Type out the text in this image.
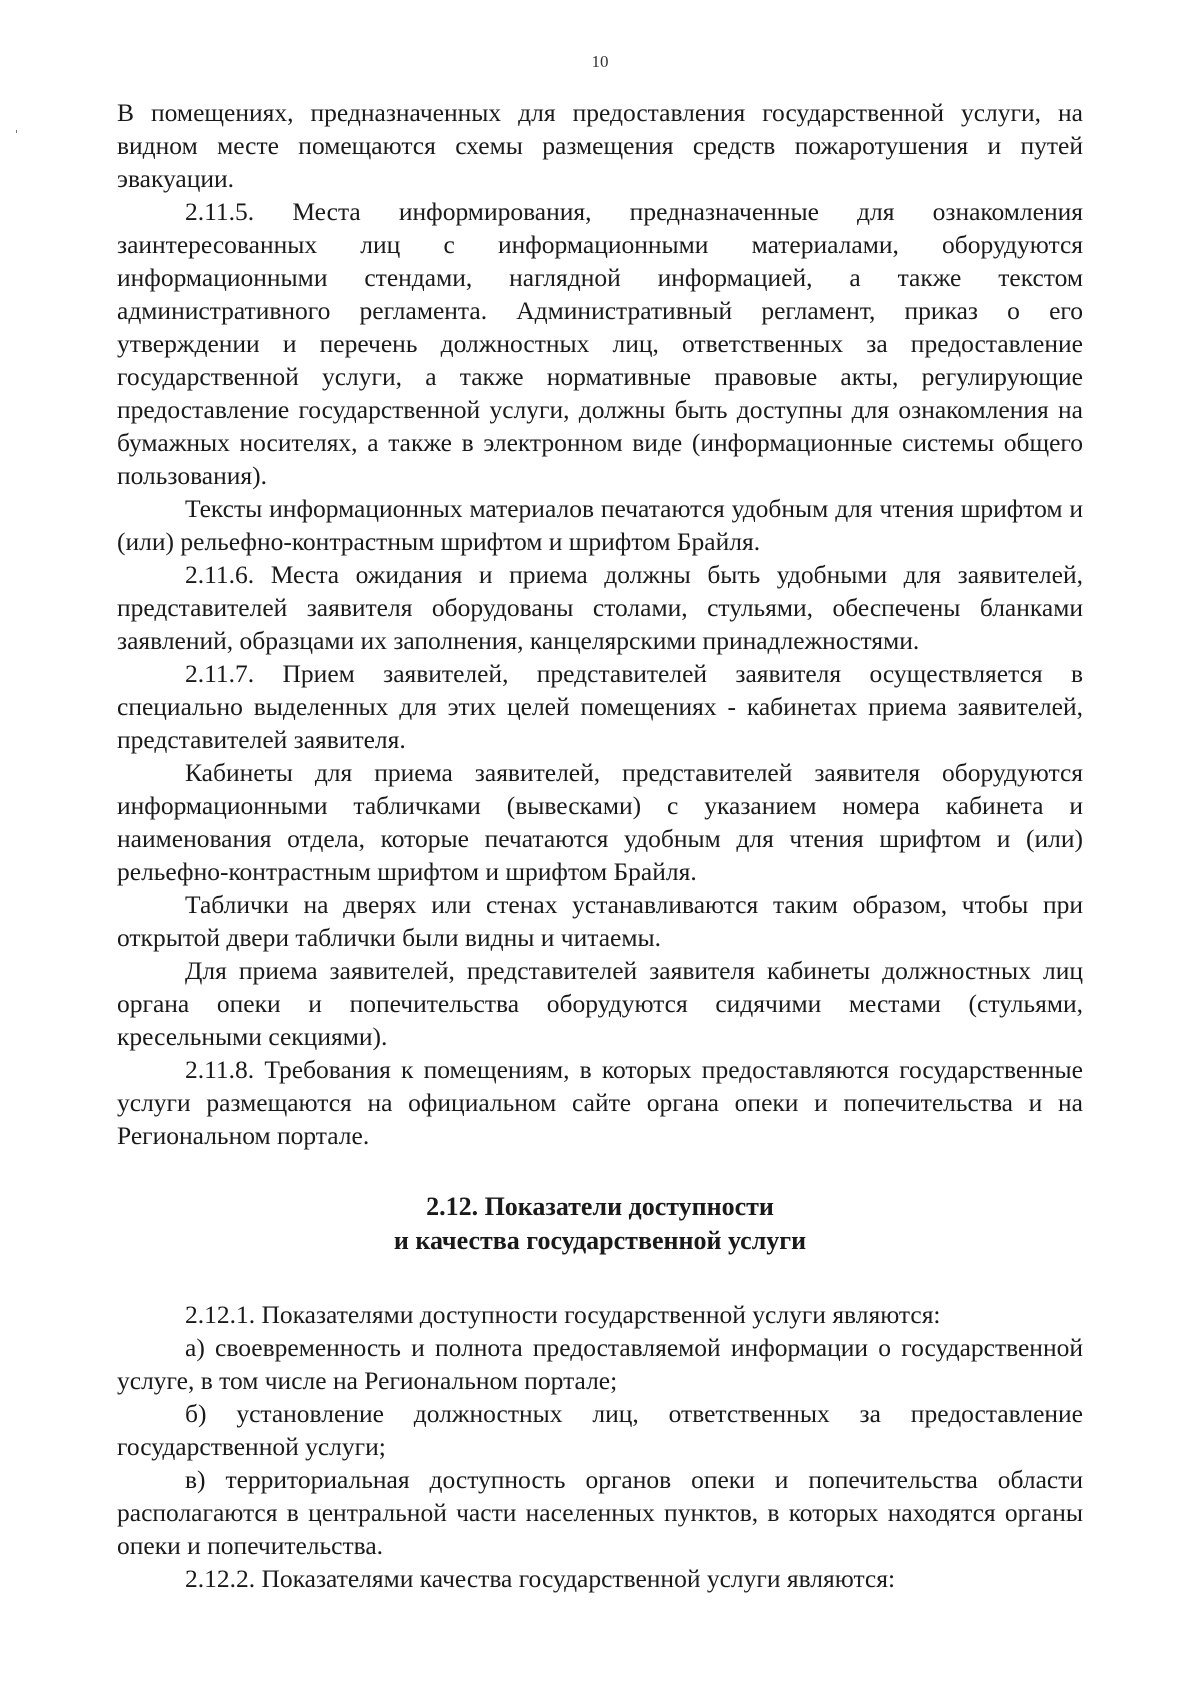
10

В помещениях, предназначенных для предоставления государственной услуги, на видном месте помещаются схемы размещения средств пожаротушения и путей эвакуации.

2.11.5. Места информирования, предназначенные для ознакомления заинтересованных лиц с информационными материалами, оборудуются информационными стендами, наглядной информацией, а также текстом административного регламента. Административный регламент, приказ о его утверждении и перечень должностных лиц, ответственных за предоставление государственной услуги, а также нормативные правовые акты, регулирующие предоставление государственной услуги, должны быть доступны для ознакомления на бумажных носителях, а также в электронном виде (информационные системы общего пользования).

Тексты информационных материалов печатаются удобным для чтения шрифтом и (или) рельефно-контрастным шрифтом и шрифтом Брайля.

2.11.6. Места ожидания и приема должны быть удобными для заявителей, представителей заявителя оборудованы столами, стульями, обеспечены бланками заявлений, образцами их заполнения, канцелярскими принадлежностями.

2.11.7. Прием заявителей, представителей заявителя осуществляется в специально выделенных для этих целей помещениях - кабинетах приема заявителей, представителей заявителя.

Кабинеты для приема заявителей, представителей заявителя оборудуются информационными табличками (вывесками) с указанием номера кабинета и наименования отдела, которые печатаются удобным для чтения шрифтом и (или) рельефно-контрастным шрифтом и шрифтом Брайля.

Таблички на дверях или стенах устанавливаются таким образом, чтобы при открытой двери таблички были видны и читаемы.

Для приема заявителей, представителей заявителя кабинеты должностных лиц органа опеки и попечительства оборудуются сидячими местами (стульями, кресельными секциями).

2.11.8. Требования к помещениям, в которых предоставляются государственные услуги размещаются на официальном сайте органа опеки и попечительства и на Региональном портале.

2.12. Показатели доступности
и качества государственной услуги

2.12.1. Показателями доступности государственной услуги являются:

а) своевременность и полнота предоставляемой информации о государственной услуге, в том числе на Региональном портале;

б) установление должностных лиц, ответственных за предоставление государственной услуги;

в) территориальная доступность органов опеки и попечительства области располагаются в центральной части населенных пунктов, в которых находятся органы опеки и попечительства.

2.12.2. Показателями качества государственной услуги являются:
